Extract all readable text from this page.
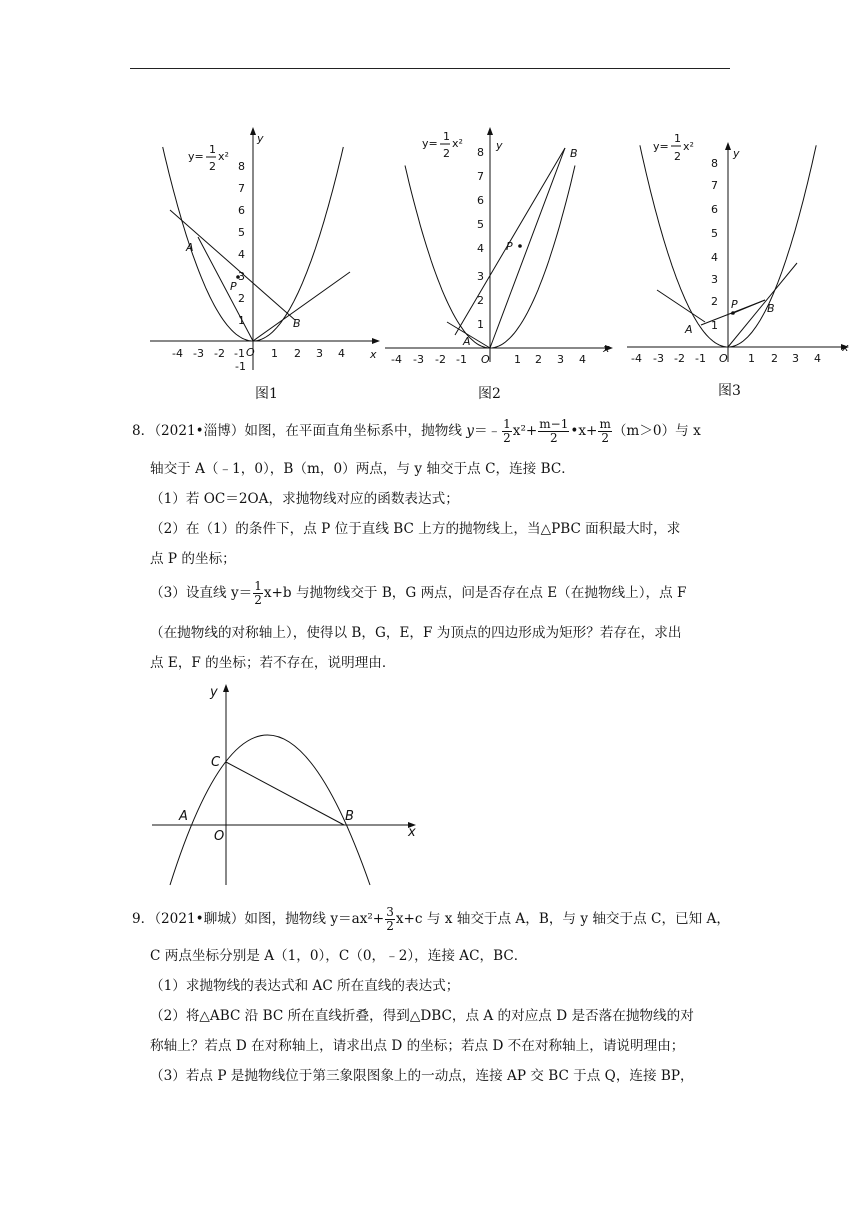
y=
1
2
x²
y
x
O
A
B
P
-4 -3 -2 -1 1 2 3 4
1
2
3
4
5
6
7
8
-1
图1
y=
1
2
x²	y
x
O
A
B
P
-4 -3 -2 -1	1 2 3 4
1
2
3
4
5
6
7
8
图2
y=
1
2
x²
y
x
O
A
B
P
-4 -3 -2 -1	1 2 3 4
1
2
3
4
5
6
7
8
图3
8．（2021•淄博）如图，在平面直角坐标系中，抛物线 y＝﹣ $\frac{1}{2} x^2+ \frac{m-1}{2}$ •x+ $\frac{m}{2} (m>0)$与 x
轴交于 A（﹣1，0），B（m，0）两点，与 y 轴交于点 C，连接 BC．
（1）若 OC＝2OA，求抛物线对应的函数表达式；
（2）在（1）的条件下，点 P 位于直线 BC 上方的抛物线上，当△PBC 面积最大时，求
点 P 的坐标；
（3）设直线 $y= \frac{1}{2} x+b$ 与抛物线交于 B，G 两点，问是否存在点 E（在抛物线上），点 F
（在抛物线的对称轴上），使得以 B，G，E，F 为顶点的四边形成为矩形？若存在，求出
点 E，F 的坐标；若不存在，说明理由．
y
x
O
A	B
C
9．（2021•聊城）如图，抛物线 $y=ax^2+ \frac{3}{2} x+c$ 与 x 轴交于点 A，B，与 y 轴交于点 C，已知 A，
C 两点坐标分别是 A（1，0），C（0，﹣2），连接 AC，BC．
（1）求抛物线的表达式和 AC 所在直线的表达式；
（2）将△ABC 沿 BC 所在直线折叠，得到△DBC，点 A 的对应点 D 是否落在抛物线的对
称轴上？若点 D 在对称轴上，请求出点 D 的坐标；若点 D 不在对称轴上，请说明理由；
（3）若点 P 是抛物线位于第三象限图象上的一动点，连接 AP 交 BC 于点 Q，连接 BP，
